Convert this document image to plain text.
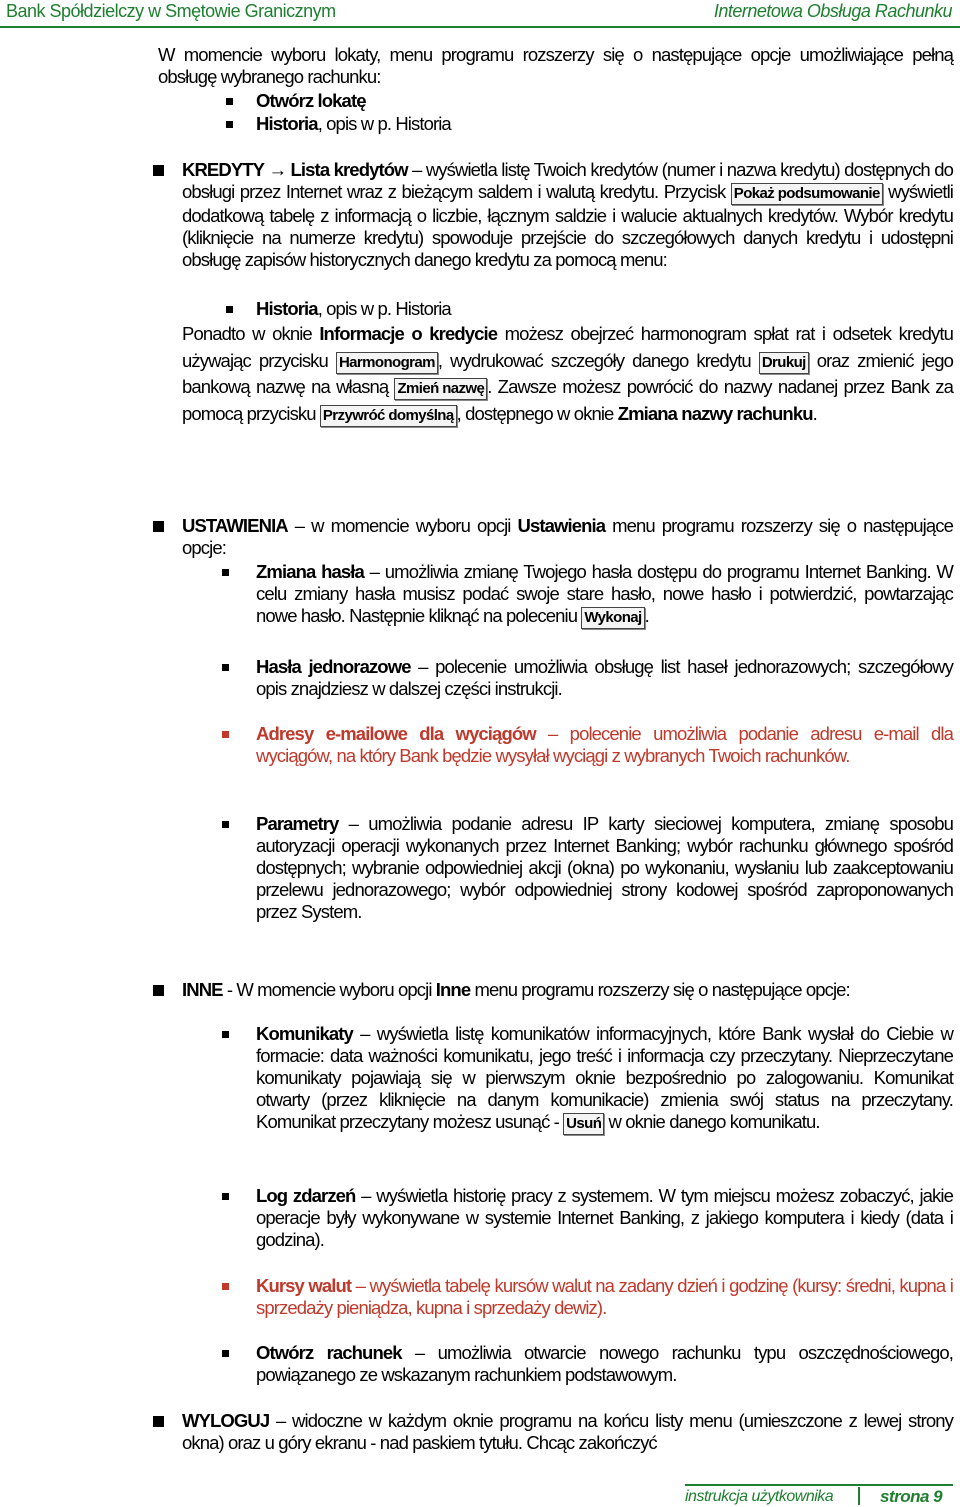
Bank Spółdzielczy w Smętowie Granicznym	Internetowa Obsługa Rachunku

W momencie wyboru lokaty, menu programu rozszerzy się o następujące opcje umożliwiające pełną obsługę wybranego rachunku:

Otwórz lokatę
Historia, opis w p. Historia

KREDYTY → Lista kredytów – wyświetla listę Twoich kredytów (numer i nazwa kredytu) dostępnych do obsługi przez Internet wraz z bieżącym saldem i walutą kredytu. Przycisk Pokaż podsumowanie wyświetli dodatkową tabelę z informacją o liczbie, łącznym saldzie i walucie aktualnych kredytów. Wybór kredytu (kliknięcie na numerze kredytu) spowoduje przejście do szczegółowych danych kredytu i udostępni obsługę zapisów historycznych danego kredytu za pomocą menu:

Historia, opis w p. Historia

Ponadto w oknie Informacje o kredycie możesz obejrzeć harmonogram spłat rat i odsetek kredytu używając przycisku Harmonogram , wydrukować szczegóły danego kredytu Drukuj oraz zmienić jego bankową nazwę na własną Zmień nazwę . Zawsze możesz powrócić do nazwy nadanej przez Bank za pomocą przycisku Przywróć domyślną , dostępnego w oknie Zmiana nazwy rachunku.

USTAWIENIA – w momencie wyboru opcji Ustawienia menu programu rozszerzy się o następujące opcje:

Zmiana hasła – umożliwia zmianę Twojego hasła dostępu do programu Internet Banking. W celu zmiany hasła musisz podać swoje stare hasło, nowe hasło i potwierdzić, powtarzając nowe hasło. Następnie kliknąć na poleceniu Wykonaj .

Hasła jednorazowe – polecenie umożliwia obsługę list haseł jednorazowych; szczegółowy opis znajdziesz w dalszej części instrukcji.

Adresy e-mailowe dla wyciągów – polecenie umożliwia podanie adresu e-mail dla wyciągów, na który Bank będzie wysyłał wyciągi z wybranych Twoich rachunków.

Parametry – umożliwia podanie adresu IP karty sieciowej komputera, zmianę sposobu autoryzacji operacji wykonanych przez Internet Banking; wybór rachunku głównego spośród dostępnych; wybranie odpowiedniej akcji (okna) po wykonaniu, wysłaniu lub zaakceptowaniu przelewu jednorazowego; wybór odpowiedniej strony kodowej spośród zaproponowanych przez System.

INNE - W momencie wyboru opcji Inne menu programu rozszerzy się o następujące opcje:

Komunikaty – wyświetla listę komunikatów informacyjnych, które Bank wysłał do Ciebie w formacie: data ważności komunikatu, jego treść i informacja czy przeczytany. Nieprzeczytane komunikaty pojawiają się w pierwszym oknie bezpośrednio po zalogowaniu. Komunikat otwarty (przez kliknięcie na danym komunikacie) zmienia swój status na przeczytany. Komunikat przeczytany możesz usunąć - Usuń w oknie danego komunikatu.

Log zdarzeń – wyświetla historię pracy z systemem. W tym miejscu możesz zobaczyć, jakie operacje były wykonywane w systemie Internet Banking, z jakiego komputera i kiedy (data i godzina).

Kursy walut – wyświetla tabelę kursów walut na zadany dzień i godzinę (kursy: średni, kupna i sprzedaży pieniądza, kupna i sprzedaży dewiz).

Otwórz rachunek – umożliwia otwarcie nowego rachunku typu oszczędnościowego, powiązanego ze wskazanym rachunkiem podstawowym.

WYLOGUJ – widoczne w każdym oknie programu na końcu listy menu (umieszczone z lewej strony okna) oraz u góry ekranu - nad paskiem tytułu. Chcąc zakończyć

instrukcja użytkownika	strona 9
